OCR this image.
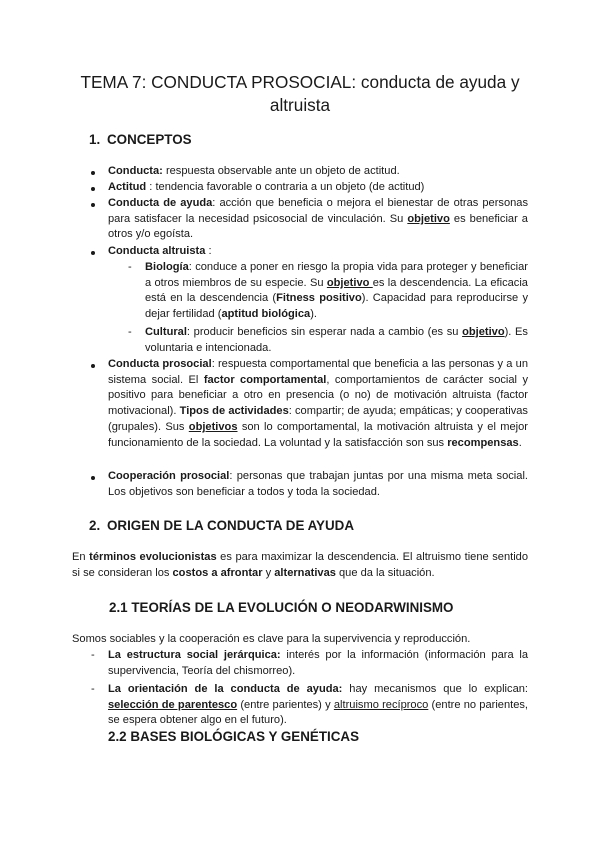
TEMA 7: CONDUCTA PROSOCIAL: conducta de ayuda y
altruista
1. CONCEPTOS

Conducta: respuesta observable ante un objeto de actitud.

Actitud : tendencia favorable o contraria a un objeto (de actitud)

Conducta de ayuda: acción que beneficia o mejora el bienestar de otras personas para satisfacer la necesidad psicosocial de vinculación. Su objetivo es beneficiar a otros y/o egoísta.

Conducta altruista :

- Biología: conduce a poner en riesgo la propia vida para proteger y beneficiar a otros miembros de su especie. Su objetivo es la descendencia. La eficacia está en la descendencia (Fitness positivo). Capacidad para reproducirse y dejar fertilidad (aptitud biológica).

- Cultural: producir beneficios sin esperar nada a cambio (es su objetivo). Es voluntaria e intencionada.

Conducta prosocial: respuesta comportamental que beneficia a las personas y a un sistema social. El factor comportamental, comportamientos de carácter social y positivo para beneficiar a otro en presencia (o no) de motivación altruista (factor motivacional). Tipos de actividades: compartir; de ayuda; empáticas; y cooperativas (grupales). Sus objetivos son lo comportamental, la motivación altruista y el mejor funcionamiento de la sociedad. La voluntad y la satisfacción son sus recompensas.

Cooperación prosocial: personas que trabajan juntas por una misma meta social. Los objetivos son beneficiar a todos y toda la sociedad.

2. ORIGEN DE LA CONDUCTA DE AYUDA

En términos evolucionistas es para maximizar la descendencia. El altruismo tiene sentido si se consideran los costos a afrontar y alternativas que da la situación.

2.1 TEORÍAS DE LA EVOLUCIÓN O NEODARWINISMO

Somos sociables y la cooperación es clave para la supervivencia y reproducción.

- La estructura social jerárquica: interés por la información (información para la supervivencia, Teoría del chismorreo).

- La orientación de la conducta de ayuda: hay mecanismos que lo explican: selección de parentesco (entre parientes) y altruismo recíproco (entre no parientes, se espera obtener algo en el futuro).

2.2 BASES BIOLÓGICAS Y GENÉTICAS
